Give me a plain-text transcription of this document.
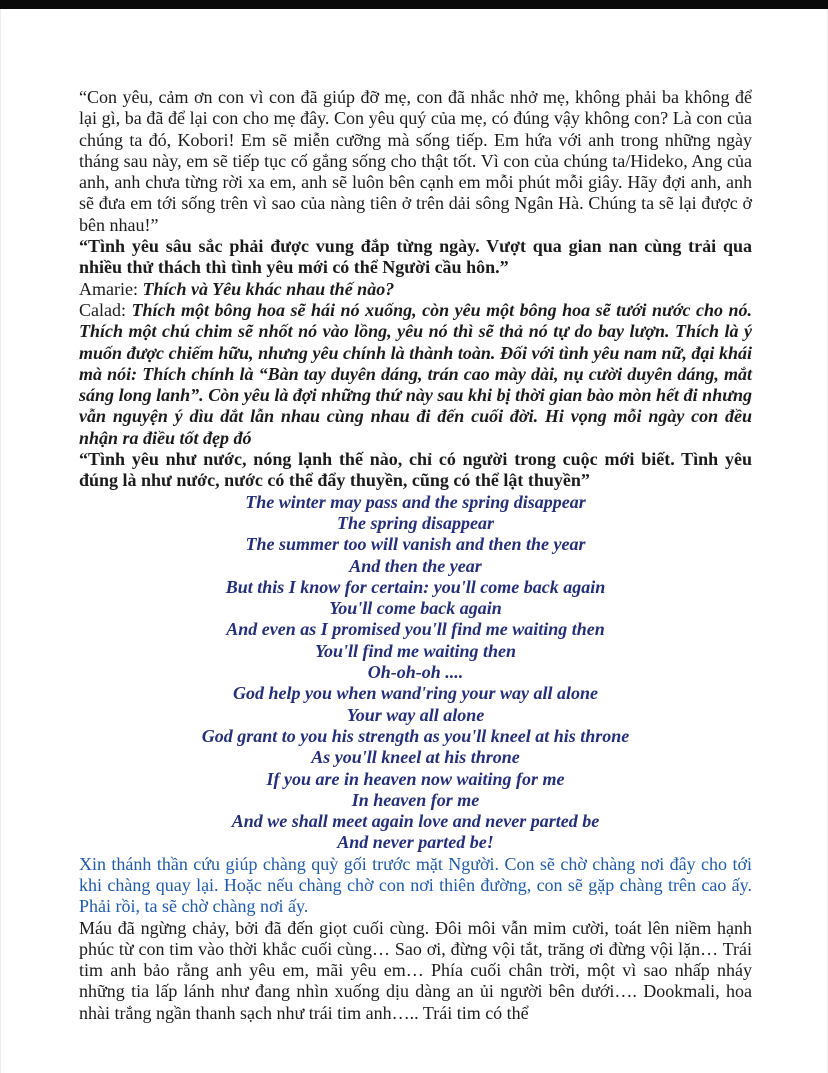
“Con yêu, cảm ơn con vì con đã giúp đỡ mẹ, con đã nhắc nhở mẹ, không phải ba không để lại gì, ba đã để lại con cho mẹ đây. Con yêu quý của mẹ, có đúng vậy không con? Là con của chúng ta đó, Kobori! Em sẽ miễn cưỡng mà sống tiếp. Em hứa với anh trong những ngày tháng sau này, em sẽ tiếp tục cố gắng sống cho thật tốt. Vì con của chúng ta/Hideko, Ang của anh, anh chưa từng rời xa em, anh sẽ luôn bên cạnh em mỗi phút mỗi giây. Hãy đợi anh, anh sẽ đưa em tới sống trên vì sao của nàng tiên ở trên dải sông Ngân Hà. Chúng ta sẽ lại được ở bên nhau!”

“Tình yêu sâu sắc phải được vung đắp từng ngày. Vượt qua gian nan cùng trải qua nhiều thử thách thì tình yêu mới có thể Người cầu hôn.”

Amarie: Thích và Yêu khác nhau thế nào?

Calad: Thích một bông hoa sẽ hái nó xuống, còn yêu một bông hoa sẽ tưới nước cho nó. Thích một chú chim sẽ nhốt nó vào lồng, yêu nó thì sẽ thả nó tự do bay lượn. Thích là ý muốn được chiếm hữu, nhưng yêu chính là thành toàn. Đối với tình yêu nam nữ, đại khái mà nói: Thích chính là “Bàn tay duyên dáng, trán cao mày dài, nụ cười duyên dáng, mắt sáng long lanh”. Còn yêu là đợi những thứ này sau khi bị thời gian bào mòn hết đi nhưng vẫn nguyện ý dìu dắt lẫn nhau cùng nhau đi đến cuối đời. Hi vọng mỗi ngày con đều nhận ra điều tốt đẹp đó

“Tình yêu như nước, nóng lạnh thế nào, chỉ có người trong cuộc mới biết. Tình yêu đúng là như nước, nước có thể đẩy thuyền, cũng có thể lật thuyền”

The winter may pass and the spring disappear

The spring disappear

The summer too will vanish and then the year

And then the year

But this I know for certain: you'll come back again

You'll come back again

And even as I promised you'll find me waiting then

You'll find me waiting then

Oh-oh-oh ....

God help you when wand'ring your way all alone

Your way all alone

God grant to you his strength as you'll kneel at his throne

As you'll kneel at his throne

If you are in heaven now waiting for me

In heaven for me

And we shall meet again love and never parted be

And never parted be!

Xin thánh thần cứu giúp chàng quỳ gối trước mặt Người. Con sẽ chờ chàng nơi đây cho tới khi chàng quay lại. Hoặc nếu chàng chờ con nơi thiên đường, con sẽ gặp chàng trên cao ấy. Phải rồi, ta sẽ chờ chàng nơi ấy.

Máu đã ngừng chảy, bởi đã đến giọt cuối cùng. Đôi môi vẫn mỉm cười, toát lên niềm hạnh phúc từ con tim vào thời khắc cuối cùng… Sao ơi, đừng vội tắt, trăng ơi đừng vội lặn… Trái tim anh bảo rằng anh yêu em, mãi yêu em… Phía cuối chân trời, một vì sao nhấp nháy những tia lấp lánh như đang nhìn xuống dịu dàng an ủi người bên dưới…. Dookmali, hoa nhài trắng ngần thanh sạch như trái tim anh….. Trái tim có thể
